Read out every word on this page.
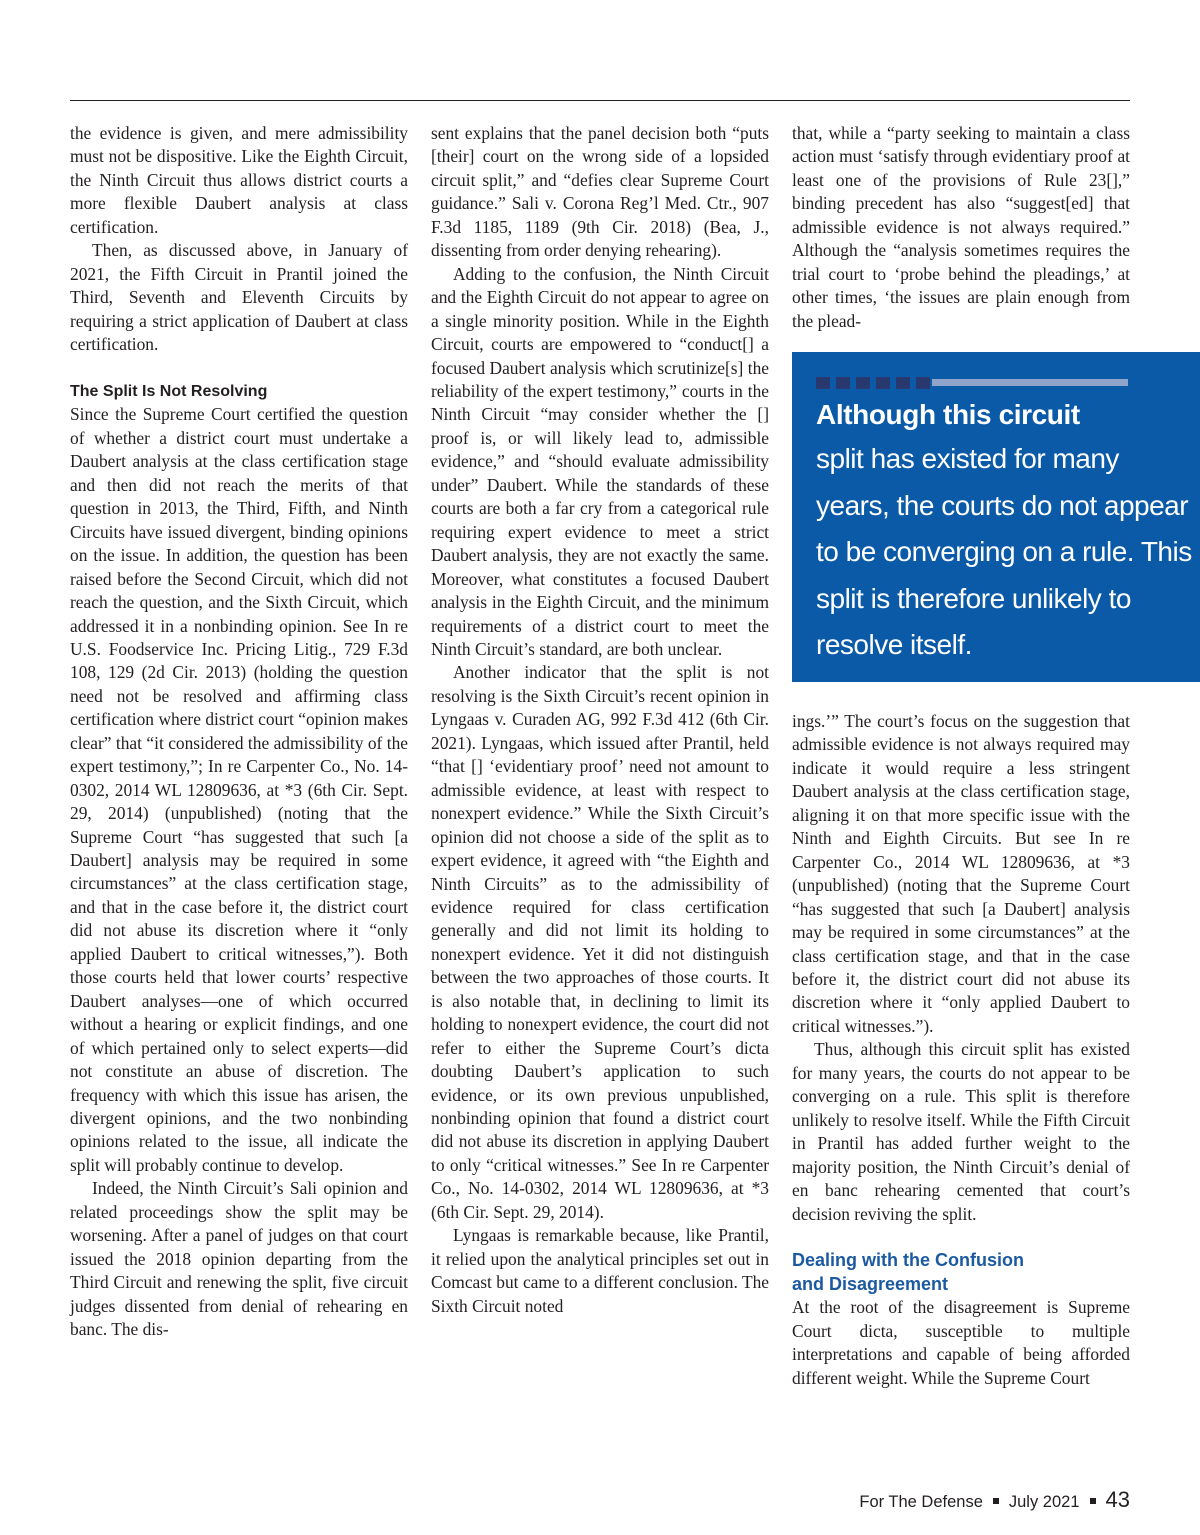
the evidence is given, and mere admissibility must not be dispositive. Like the Eighth Circuit, the Ninth Circuit thus allows district courts a more flexible Daubert analysis at class certification.

Then, as discussed above, in January of 2021, the Fifth Circuit in Prantil joined the Third, Seventh and Eleventh Circuits by requiring a strict application of Daubert at class certification.

The Split Is Not Resolving

Since the Supreme Court certified the question of whether a district court must undertake a Daubert analysis at the class certification stage and then did not reach the merits of that question in 2013, the Third, Fifth, and Ninth Circuits have issued divergent, binding opinions on the issue. In addition, the question has been raised before the Second Circuit, which did not reach the question, and the Sixth Circuit, which addressed it in a nonbinding opinion. See In re U.S. Foodservice Inc. Pricing Litig., 729 F.3d 108, 129 (2d Cir. 2013) (holding the question need not be resolved and affirming class certification where district court “opinion makes clear” that “it considered the admissibility of the expert testimony,”; In re Carpenter Co., No. 14-0302, 2014 WL 12809636, at *3 (6th Cir. Sept. 29, 2014) (unpublished) (noting that the Supreme Court “has suggested that such [a Daubert] analysis may be required in some circumstances” at the class certification stage, and that in the case before it, the district court did not abuse its discretion where it “only applied Daubert to critical witnesses,”). Both those courts held that lower courts’ respective Daubert analyses—one of which occurred without a hearing or explicit findings, and one of which pertained only to select experts—did not constitute an abuse of discretion. The frequency with which this issue has arisen, the divergent opinions, and the two nonbinding opinions related to the issue, all indicate the split will probably continue to develop.

Indeed, the Ninth Circuit’s Sali opinion and related proceedings show the split may be worsening. After a panel of judges on that court issued the 2018 opinion departing from the Third Circuit and renewing the split, five circuit judges dissented from denial of rehearing en banc. The dis-

sent explains that the panel decision both “puts [their] court on the wrong side of a lopsided circuit split,” and “defies clear Supreme Court guidance.” Sali v. Corona Reg’l Med. Ctr., 907 F.3d 1185, 1189 (9th Cir. 2018) (Bea, J., dissenting from order denying rehearing).

Adding to the confusion, the Ninth Circuit and the Eighth Circuit do not appear to agree on a single minority position. While in the Eighth Circuit, courts are empowered to “conduct[] a focused Daubert analysis which scrutinize[s] the reliability of the expert testimony,” courts in the Ninth Circuit “may consider whether the [] proof is, or will likely lead to, admissible evidence,” and “should evaluate admissibility under” Daubert. While the standards of these courts are both a far cry from a categorical rule requiring expert evidence to meet a strict Daubert analysis, they are not exactly the same. Moreover, what constitutes a focused Daubert analysis in the Eighth Circuit, and the minimum requirements of a district court to meet the Ninth Circuit’s standard, are both unclear.

Another indicator that the split is not resolving is the Sixth Circuit’s recent opinion in Lyngaas v. Curaden AG, 992 F.3d 412 (6th Cir. 2021). Lyngaas, which issued after Prantil, held “that [] ‘evidentiary proof’ need not amount to admissible evidence, at least with respect to nonexpert evidence.” While the Sixth Circuit’s opinion did not choose a side of the split as to expert evidence, it agreed with “the Eighth and Ninth Circuits” as to the admissibility of evidence required for class certification generally and did not limit its holding to nonexpert evidence. Yet it did not distinguish between the two approaches of those courts. It is also notable that, in declining to limit its holding to nonexpert evidence, the court did not refer to either the Supreme Court’s dicta doubting Daubert’s application to such evidence, or its own previous unpublished, nonbinding opinion that found a district court did not abuse its discretion in applying Daubert to only “critical witnesses.” See In re Carpenter Co., No. 14-0302, 2014 WL 12809636, at *3 (6th Cir. Sept. 29, 2014).

Lyngaas is remarkable because, like Prantil, it relied upon the analytical principles set out in Comcast but came to a different conclusion. The Sixth Circuit noted

that, while a “party seeking to maintain a class action must ‘satisfy through evidentiary proof at least one of the provisions of Rule 23[],” binding precedent has also “suggest[ed] that admissible evidence is not always required.” Although the “analysis sometimes requires the trial court to ‘probe behind the pleadings,’ at other times, ‘the issues are plain enough from the plead-

Although this circuit
split has existed for many years, the courts do not appear to be converging on a rule. This split is therefore unlikely to resolve itself.

ings.’” The court’s focus on the suggestion that admissible evidence is not always required may indicate it would require a less stringent Daubert analysis at the class certification stage, aligning it on that more specific issue with the Ninth and Eighth Circuits. But see In re Carpenter Co., 2014 WL 12809636, at *3 (unpublished) (noting that the Supreme Court “has suggested that such [a Daubert] analysis may be required in some circumstances” at the class certification stage, and that in the case before it, the district court did not abuse its discretion where it “only applied Daubert to critical witnesses.”).

Thus, although this circuit split has existed for many years, the courts do not appear to be converging on a rule. This split is therefore unlikely to resolve itself. While the Fifth Circuit in Prantil has added further weight to the majority position, the Ninth Circuit’s denial of en banc rehearing cemented that court’s decision reviving the split.

Dealing with the Confusion
and Disagreement

At the root of the disagreement is Supreme Court dicta, susceptible to multiple interpretations and capable of being afforded different weight. While the Supreme Court

For The Defense July 2021 43
